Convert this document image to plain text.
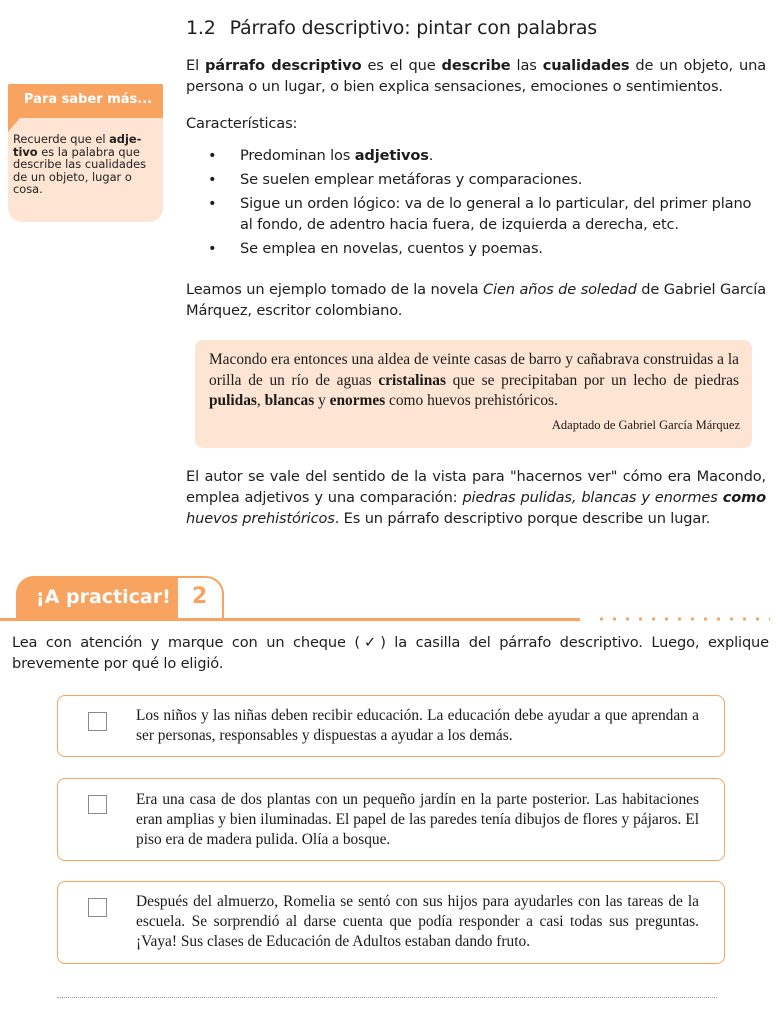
1.2 Párrafo descriptivo: pintar con palabras
El párrafo descriptivo es el que describe las cualidades de un objeto, una persona o un lugar, o bien explica sensaciones, emociones o sentimientos.
Características:
• Predominan los adjetivos.
• Se suelen emplear metáforas y comparaciones.
• Sigue un orden lógico: va de lo general a lo particular, del primer plano al fondo, de adentro hacia fuera, de izquierda a derecha, etc.
• Se emplea en novelas, cuentos y poemas.
Leamos un ejemplo tomado de la novela Cien años de soledad de Gabriel García Márquez, escritor colombiano.
Macondo era entonces una aldea de veinte casas de barro y cañabrava construidas a la orilla de un río de aguas cristalinas que se precipitaban por un lecho de piedras pulidas, blancas y enormes como huevos prehistóricos.
Adaptado de Gabriel García Márquez
El autor se vale del sentido de la vista para "hacernos ver" cómo era Macondo, emplea adjetivos y una comparación: piedras pulidas, blancas y enormes como huevos prehistóricos. Es un párrafo descriptivo porque describe un lugar.
Para saber más...
Recuerde que el adje-tivo es la palabra que describe las cualidades de un objeto, lugar o cosa.
¡A practicar! 2
Lea con atención y marque con un cheque (✓) la casilla del párrafo descriptivo. Luego, explique brevemente por qué lo eligió.
Los niños y las niñas deben recibir educación. La educación debe ayudar a que aprendan a ser personas, responsables y dispuestas a ayudar a los demás.
Era una casa de dos plantas con un pequeño jardín en la parte posterior. Las habitaciones eran amplias y bien iluminadas. El papel de las paredes tenía dibujos de flores y pájaros. El piso era de madera pulida. Olía a bosque.
Después del almuerzo, Romelia se sentó con sus hijos para ayudarles con las tareas de la escuela. Se sorprendió al darse cuenta que podía responder a casi todas sus preguntas. ¡Vaya! Sus clases de Educación de Adultos estaban dando fruto.
